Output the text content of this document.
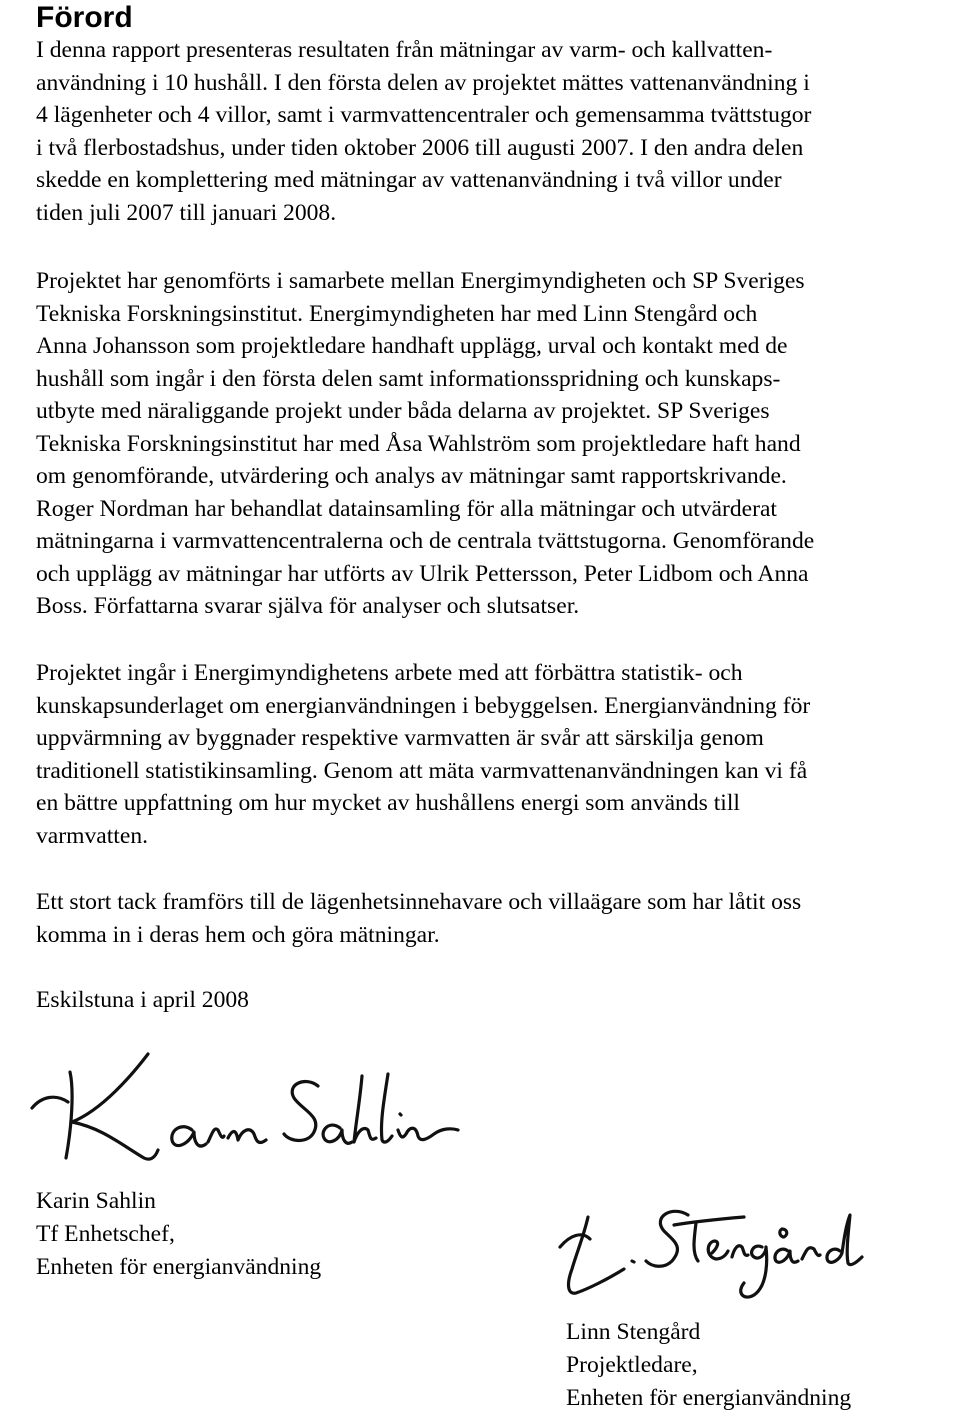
Förord

I denna rapport presenteras resultaten från mätningar av varm- och kallvatten-
användning i 10 hushåll. I den första delen av projektet mättes vattenanvändning i
4 lägenheter och 4 villor, samt i varmvattencentraler och gemensamma tvättstugor
i två flerbostadshus, under tiden oktober 2006 till augusti 2007. I den andra delen
skedde en komplettering med mätningar av vattenanvändning i två villor under
tiden juli 2007 till januari 2008.

Projektet har genomförts i samarbete mellan Energimyndigheten och SP Sveriges
Tekniska Forskningsinstitut. Energimyndigheten har med Linn Stengård och
Anna Johansson som projektledare handhaft upplägg, urval och kontakt med de
hushåll som ingår i den första delen samt informationsspridning och kunskaps-
utbyte med näraliggande projekt under båda delarna av projektet. SP Sveriges
Tekniska Forskningsinstitut har med Åsa Wahlström som projektledare haft hand
om genomförande, utvärdering och analys av mätningar samt rapportskrivande.
Roger Nordman har behandlat datainsamling för alla mätningar och utvärderat
mätningarna i varmvattencentralerna och de centrala tvättstugorna. Genomförande
och upplägg av mätningar har utförts av Ulrik Pettersson, Peter Lidbom och Anna
Boss. Författarna svarar själva för analyser och slutsatser.

Projektet ingår i Energimyndighetens arbete med att förbättra statistik- och
kunskapsunderlaget om energianvändningen i bebyggelsen. Energianvändning för
uppvärmning av byggnader respektive varmvatten är svår att särskilja genom
traditionell statistikinsamling. Genom att mäta varmvattenanvändningen kan vi få
en bättre uppfattning om hur mycket av hushållens energi som används till
varmvatten.

Ett stort tack framförs till de lägenhetsinnehavare och villaägare som har låtit oss
komma in i deras hem och göra mätningar.

Eskilstuna i april 2008

Karin Sahlin
Tf Enhetschef,
Enheten för energianvändning
Linn Stengård
Projektledare,
Enheten för energianvändning
